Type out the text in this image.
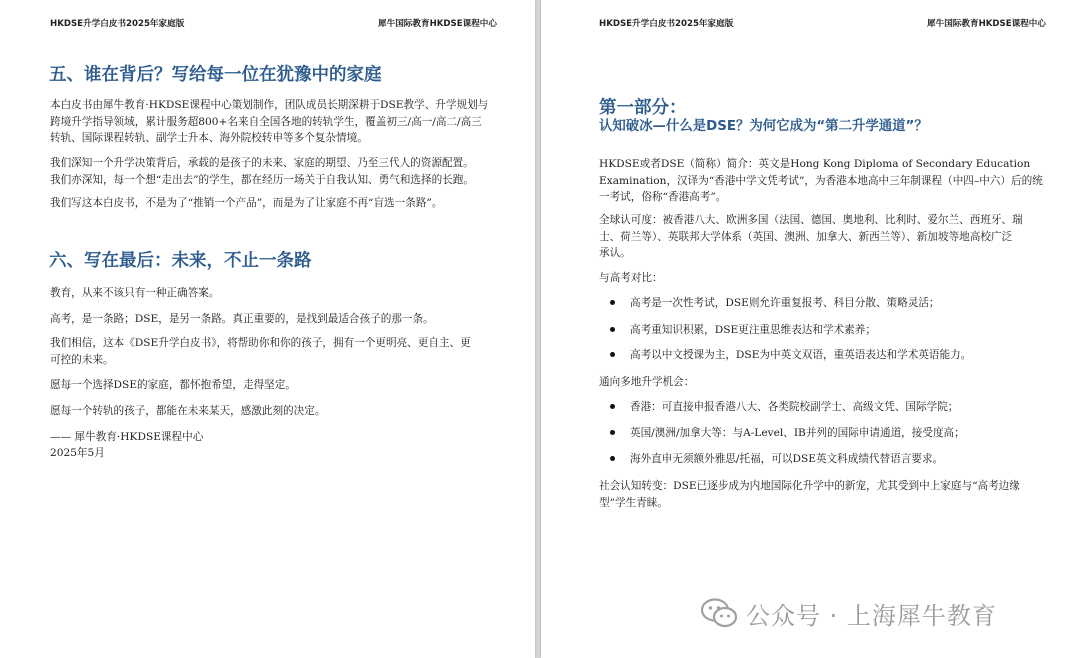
HKDSE升学白皮书2025年家庭版	犀牛国际教育HKDSE课程中心
五、谁在背后？写给每一位在犹豫中的家庭
本白皮书由犀牛教育·HKDSE课程中心策划制作，团队成员长期深耕于DSE教学、升学规划与
跨境升学指导领域，累计服务超800+名来自全国各地的转轨学生，覆盖初三/高一/高二/高三
转轨、国际课程转轨、副学士升本、海外院校转申等多个复杂情境。
我们深知一个升学决策背后，承载的是孩子的未来、家庭的期望、乃至三代人的资源配置。
我们亦深知，每一个想“走出去”的学生，都在经历一场关于自我认知、勇气和选择的长跑。
我们写这本白皮书，不是为了“推销一个产品”，而是为了让家庭不再“盲选一条路”。
六、写在最后：未来，不止一条路
教育，从来不该只有一种正确答案。
高考，是一条路；DSE，是另一条路。真正重要的，是找到最适合孩子的那一条。
我们相信，这本《DSE升学白皮书》，将帮助你和你的孩子，拥有一个更明亮、更自主、更
可控的未来。
愿每一个选择DSE的家庭，都怀抱希望，走得坚定。
愿每一个转轨的孩子，都能在未来某天，感激此刻的决定。
—— 犀牛教育·HKDSE课程中心
2025年5月
HKDSE升学白皮书2025年家庭版	犀牛国际教育HKDSE课程中心
第一部分：
认知破冰—什么是DSE？为何它成为“第二升学通道”？
HKDSE或者DSE（简称）简介：英文是Hong Kong Diploma of Secondary Education
Examination，汉译为“香港中学文凭考试”，为香港本地高中三年制课程（中四–中六）后的统
一考试，俗称“香港高考”。
全球认可度：被香港八大、欧洲多国（法国、德国、奥地利、比利时、爱尔兰、西班牙、瑞
士、荷兰等）、英联邦大学体系（英国、澳洲、加拿大、新西兰等）、新加坡等地高校广泛
承认。
与高考对比：
高考是一次性考试，DSE则允许重复报考、科目分散、策略灵活；
高考重知识积累，DSE更注重思维表达和学术素养；
高考以中文授课为主，DSE为中英文双语，重英语表达和学术英语能力。
通向多地升学机会：
香港：可直接申报香港八大、各类院校副学士、高级文凭、国际学院；
英国/澳洲/加拿大等：与A-Level、IB并列的国际申请通道，接受度高；
海外直申无须额外雅思/托福，可以DSE英文科成绩代替语言要求。
社会认知转变：DSE已逐步成为内地国际化升学中的新宠，尤其受到中上家庭与“高考边缘
型”学生青睐。
公众号 · 上海犀牛教育
